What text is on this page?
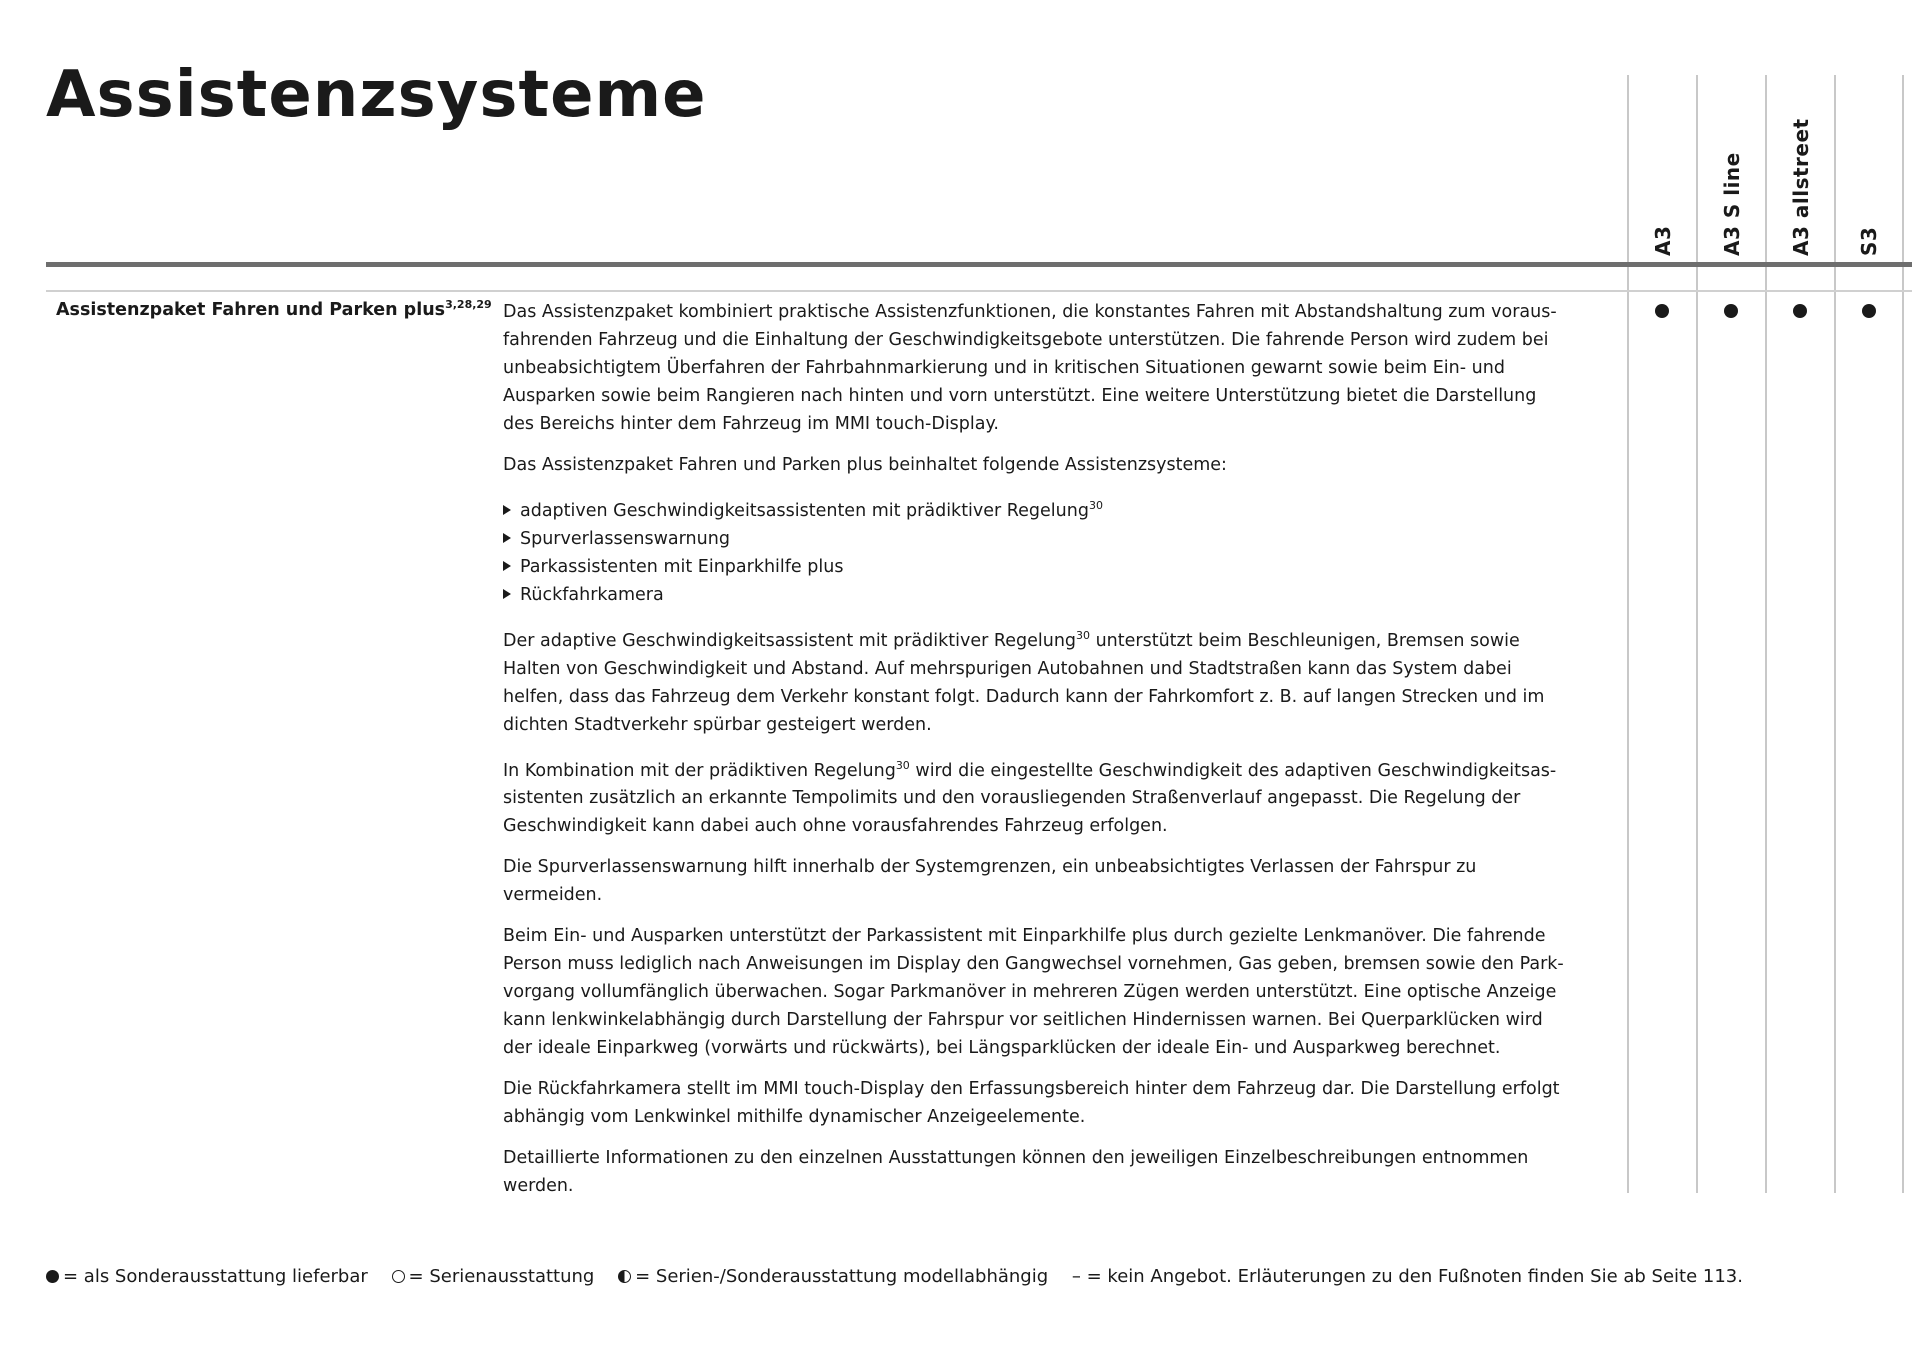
Assistenzsysteme
A3 A3 S line A3 allstreet S3
Assistenzpaket Fahren und Parken plus$^{3,28,29}$ Das Assistenzpaket kombiniert praktische Assistenzfunktionen, die konstantes Fahren mit Abstandshaltung zum voraus-
fahrenden Fahrzeug und die Einhaltung der Geschwindigkeitsgebote unterstützen. Die fahrende Person wird zudem bei
unbeabsichtigtem Überfahren der Fahrbahnmarkierung und in kritischen Situationen gewarnt sowie beim Ein- und
Ausparken sowie beim Rangieren nach hinten und vorn unterstützt. Eine weitere Unterstützung bietet die Darstellung
des Bereichs hinter dem Fahrzeug im MMI touch-Display.

Das Assistenzpaket Fahren und Parken plus beinhaltet folgende Assistenzsysteme:

adaptiven Geschwindigkeitsassistenten mit prädiktiver Regelung$^{30}$
Spurverlassenswarnung
Parkassistenten mit Einparkhilfe plus
Rückfahrkamera

Der adaptive Geschwindigkeitsassistent mit prädiktiver Regelung$^{30}$ unterstützt beim Beschleunigen, Bremsen sowie
Halten von Geschwindigkeit und Abstand. Auf mehrspurigen Autobahnen und Stadtstraßen kann das System dabei
helfen, dass das Fahrzeug dem Verkehr konstant folgt. Dadurch kann der Fahrkomfort z. B. auf langen Strecken und im
dichten Stadtverkehr spürbar gesteigert werden.

In Kombination mit der prädiktiven Regelung$^{30}$ wird die eingestellte Geschwindigkeit des adaptiven Geschwindigkeitsas-
sistenten zusätzlich an erkannte Tempolimits und den vorausliegenden Straßenverlauf angepasst. Die Regelung der
Geschwindigkeit kann dabei auch ohne vorausfahrendes Fahrzeug erfolgen.

Die Spurverlassenswarnung hilft innerhalb der Systemgrenzen, ein unbeabsichtigtes Verlassen der Fahrspur zu
vermeiden.

Beim Ein- und Ausparken unterstützt der Parkassistent mit Einparkhilfe plus durch gezielte Lenkmanöver. Die fahrende
Person muss lediglich nach Anweisungen im Display den Gangwechsel vornehmen, Gas geben, bremsen sowie den Park-
vorgang vollumfänglich überwachen. Sogar Parkmanöver in mehreren Zügen werden unterstützt. Eine optische Anzeige
kann lenkwinkelabhängig durch Darstellung der Fahrspur vor seitlichen Hindernissen warnen. Bei Querparklücken wird
der ideale Einparkweg (vorwärts und rückwärts), bei Längsparklücken der ideale Ein- und Ausparkweg berechnet.

Die Rückfahrkamera stellt im MMI touch-Display den Erfassungsbereich hinter dem Fahrzeug dar. Die Darstellung erfolgt
abhängig vom Lenkwinkel mithilfe dynamischer Anzeigeelemente.

Detaillierte Informationen zu den einzelnen Ausstattungen können den jeweiligen Einzelbeschreibungen entnommen
werden.

= als Sonderausstattung lieferbar = Serienausstattung = Serien-/Sonderausstattung modellabhängig – = kein Angebot. Erläuterungen zu den Fußnoten finden Sie ab Seite 113.
